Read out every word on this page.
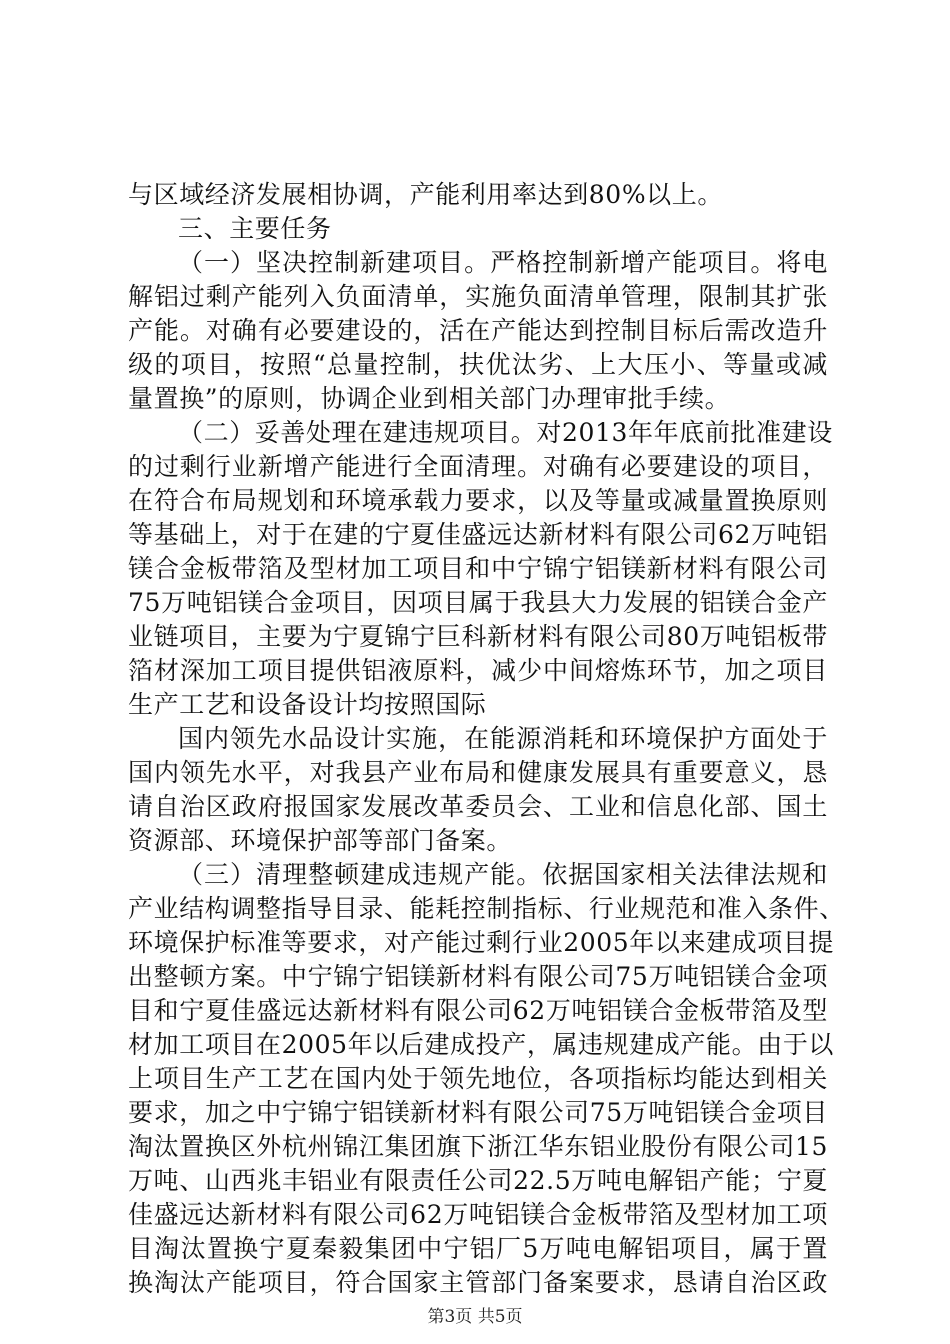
与区域经济发展相协调，产能利用率达到80%以上。
三、主要任务
（一）坚决控制新建项目。严格控制新增产能项目。将电
解铝过剩产能列入负面清单，实施负面清单管理，限制其扩张
产能。对确有必要建设的，活在产能达到控制目标后需改造升
级的项目，按照“总量控制，扶优汰劣、上大压小、等量或减
量置换”的原则，协调企业到相关部门办理审批手续。
（二）妥善处理在建违规项目。对2013年年底前批准建设
的过剩行业新增产能进行全面清理。对确有必要建设的项目，
在符合布局规划和环境承载力要求，以及等量或减量置换原则
等基础上，对于在建的宁夏佳盛远达新材料有限公司62万吨铝
镁合金板带箔及型材加工项目和中宁锦宁铝镁新材料有限公司
75万吨铝镁合金项目，因项目属于我县大力发展的铝镁合金产
业链项目，主要为宁夏锦宁巨科新材料有限公司80万吨铝板带
箔材深加工项目提供铝液原料，减少中间熔炼环节，加之项目
生产工艺和设备设计均按照国际
国内领先水品设计实施，在能源消耗和环境保护方面处于
国内领先水平，对我县产业布局和健康发展具有重要意义，恳
请自治区政府报国家发展改革委员会、工业和信息化部、国土
资源部、环境保护部等部门备案。
（三）清理整顿建成违规产能。依据国家相关法律法规和
产业结构调整指导目录、能耗控制指标、行业规范和准入条件、
环境保护标准等要求，对产能过剩行业2005年以来建成项目提
出整顿方案。中宁锦宁铝镁新材料有限公司75万吨铝镁合金项
目和宁夏佳盛远达新材料有限公司62万吨铝镁合金板带箔及型
材加工项目在2005年以后建成投产，属违规建成产能。由于以
上项目生产工艺在国内处于领先地位，各项指标均能达到相关
要求，加之中宁锦宁铝镁新材料有限公司75万吨铝镁合金项目
淘汰置换区外杭州锦江集团旗下浙江华东铝业股份有限公司15
万吨、山西兆丰铝业有限责任公司22.5万吨电解铝产能；宁夏
佳盛远达新材料有限公司62万吨铝镁合金板带箔及型材加工项
目淘汰置换宁夏秦毅集团中宁铝厂5万吨电解铝项目，属于置
换淘汰产能项目，符合国家主管部门备案要求，恳请自治区政
第3页 共5页
